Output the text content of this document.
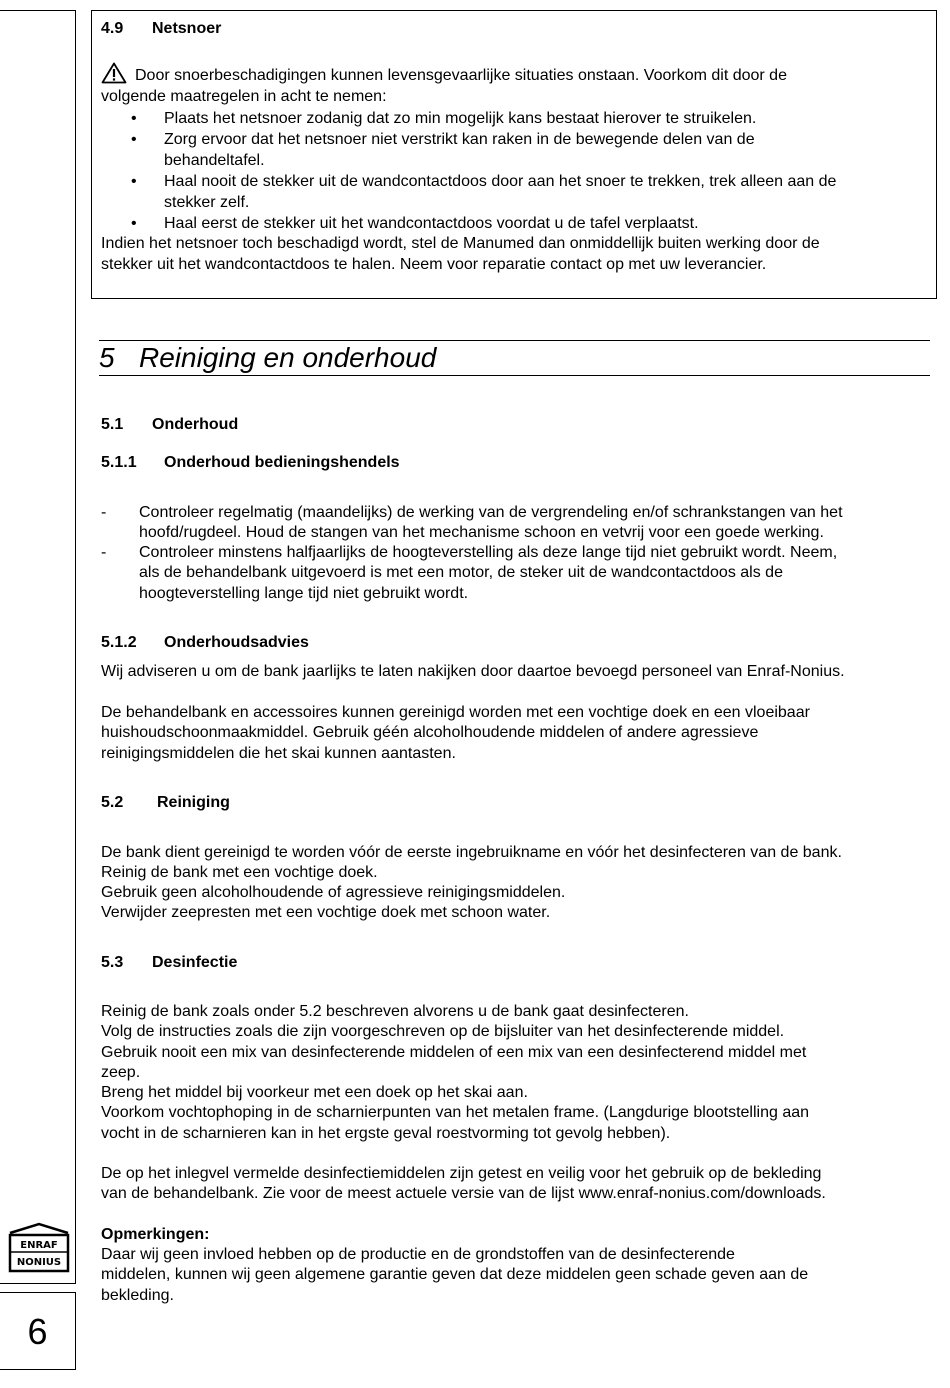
ENRAF
NONIUS
6
4.9 Netsnoer
Door snoerbeschadigingen kunnen levensgevaarlijke situaties onstaan. Voorkom dit door de
volgende maatregelen in acht te nemen:
• Plaats het netsnoer zodanig dat zo min mogelijk kans bestaat hierover te struikelen.
• Zorg ervoor dat het netsnoer niet verstrikt kan raken in de bewegende delen van de
behandeltafel.
• Haal nooit de stekker uit de wandcontactdoos door aan het snoer te trekken, trek alleen aan de
stekker zelf.
• Haal eerst de stekker uit het wandcontactdoos voordat u de tafel verplaatst.
Indien het netsnoer toch beschadigd wordt, stel de Manumed dan onmiddellijk buiten werking door de
stekker uit het wandcontactdoos te halen. Neem voor reparatie contact op met uw leverancier.
5 Reiniging en onderhoud
5.1 Onderhoud
5.1.1 Onderhoud bedieningshendels
- Controleer regelmatig (maandelijks) de werking van de vergrendeling en/of schrankstangen van het
hoofd/rugdeel. Houd de stangen van het mechanisme schoon en vetvrij voor een goede werking.
- Controleer minstens halfjaarlijks de hoogteverstelling als deze lange tijd niet gebruikt wordt. Neem,
als de behandelbank uitgevoerd is met een motor, de steker uit de wandcontactdoos als de
hoogteverstelling lange tijd niet gebruikt wordt.
5.1.2 Onderhoudsadvies
Wij adviseren u om de bank jaarlijks te laten nakijken door daartoe bevoegd personeel van Enraf-Nonius.
De behandelbank en accessoires kunnen gereinigd worden met een vochtige doek en een vloeibaar
huishoudschoonmaakmiddel. Gebruik géén alcoholhoudende middelen of andere agressieve
reinigingsmiddelen die het skai kunnen aantasten.
5.2 Reiniging
De bank dient gereinigd te worden vóór de eerste ingebruikname en vóór het desinfecteren van de bank.
Reinig de bank met een vochtige doek.
Gebruik geen alcoholhoudende of agressieve reinigingsmiddelen.
Verwijder zeepresten met een vochtige doek met schoon water.
5.3 Desinfectie
Reinig de bank zoals onder 5.2 beschreven alvorens u de bank gaat desinfecteren.
Volg de instructies zoals die zijn voorgeschreven op de bijsluiter van het desinfecterende middel.
Gebruik nooit een mix van desinfecterende middelen of een mix van een desinfecterend middel met
zeep.
Breng het middel bij voorkeur met een doek op het skai aan.
Voorkom vochtophoping in de scharnierpunten van het metalen frame. (Langdurige blootstelling aan
vocht in de scharnieren kan in het ergste geval roestvorming tot gevolg hebben).
De op het inlegvel vermelde desinfectiemiddelen zijn getest en veilig voor het gebruik op de bekleding
van de behandelbank. Zie voor de meest actuele versie van de lijst www.enraf-nonius.com/downloads.
Opmerkingen:
Daar wij geen invloed hebben op de productie en de grondstoffen van de desinfecterende
middelen, kunnen wij geen algemene garantie geven dat deze middelen geen schade geven aan de
bekleding.
